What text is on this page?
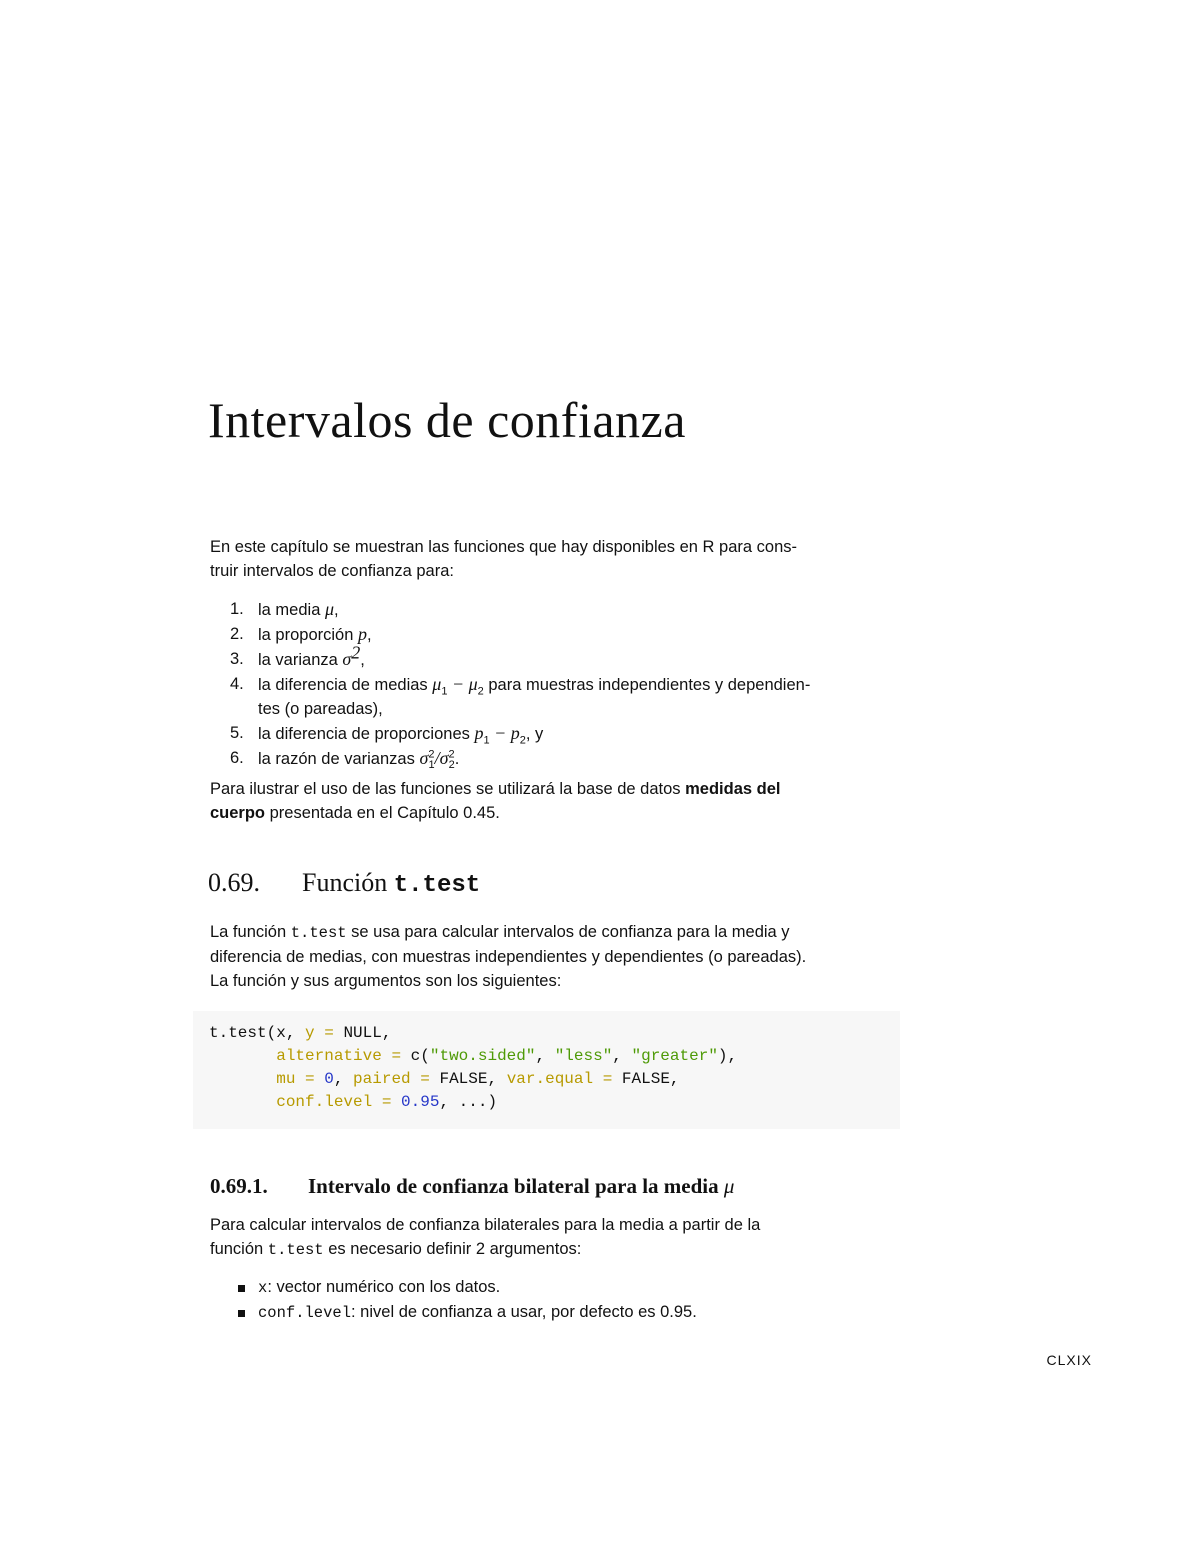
Intervalos de confianza

En este capítulo se muestran las funciones que hay disponibles en R para cons-
truir intervalos de confianza para:

1. la media μ,
2. la proporción p,
3. la varianza $\sigma^2$,
4. la diferencia de medias $\mu_1 - \mu_2$ para muestras independientes y dependien-
tes (o pareadas),
5. la diferencia de proporciones $p_1 - p_2$, y
6. la razón de varianzas $\sigma^2_1/\sigma^2_2$.

Para ilustrar el uso de las funciones se utilizará la base de datos medidas del
cuerpo presentada en el Capítulo 0.45.

0.69. Función t.test

La función t.test se usa para calcular intervalos de confianza para la media y
diferencia de medias, con muestras independientes y dependientes (o pareadas).
La función y sus argumentos son los siguientes:

t.test(x, y = NULL,
alternative = c("two.sided", "less", "greater"),
mu = 0, paired = FALSE, var.equal = FALSE,
conf.level = 0.95, ...)
0.69.1. Intervalo de confianza bilateral para la media μ

Para calcular intervalos de confianza bilaterales para la media a partir de la
función t.test es necesario definir 2 argumentos:

x: vector numérico con los datos.
conf.level: nivel de confianza a usar, por defecto es 0.95.
CLXIX
